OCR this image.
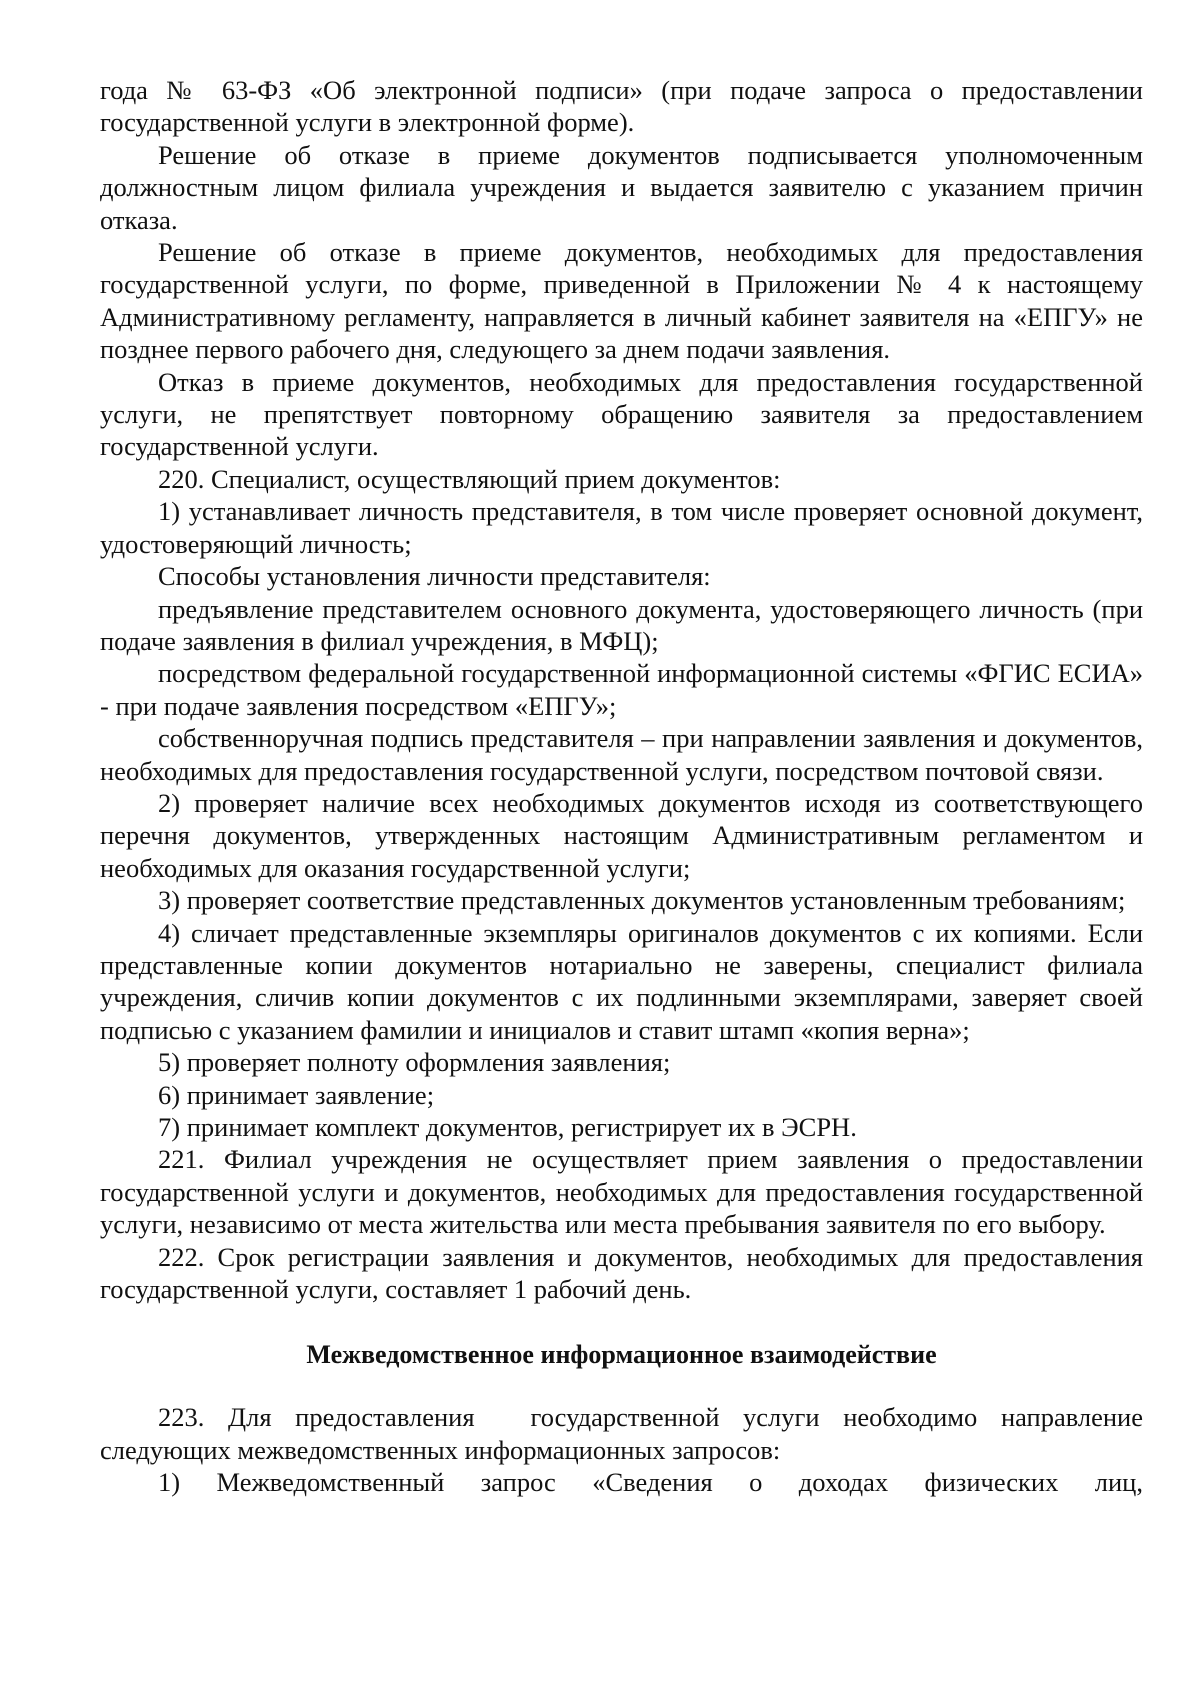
года № 63-ФЗ «Об электронной подписи» (при подаче запроса о предоставлении государственной услуги в электронной форме).

Решение об отказе в приеме документов подписывается уполномоченным должностным лицом филиала учреждения и выдается заявителю с указанием причин отказа.

Решение об отказе в приеме документов, необходимых для предоставления государственной услуги, по форме, приведенной в Приложении № 4 к настоящему Административному регламенту, направляется в личный кабинет заявителя на «ЕПГУ» не позднее первого рабочего дня, следующего за днем подачи заявления.

Отказ в приеме документов, необходимых для предоставления государственной услуги, не препятствует повторному обращению заявителя за предоставлением государственной услуги.

220. Специалист, осуществляющий прием документов:

1) устанавливает личность представителя, в том числе проверяет основной документ, удостоверяющий личность;

Способы установления личности представителя:

предъявление представителем основного документа, удостоверяющего личность (при подаче заявления в филиал учреждения, в МФЦ);

посредством федеральной государственной информационной системы «ФГИС ЕСИА» - при подаче заявления посредством «ЕПГУ»;

собственноручная подпись представителя – при направлении заявления и документов, необходимых для предоставления государственной услуги, посредством почтовой связи.

2) проверяет наличие всех необходимых документов исходя из соответствующего перечня документов, утвержденных настоящим Административным регламентом и необходимых для оказания государственной услуги;

3) проверяет соответствие представленных документов установленным требованиям;

4) сличает представленные экземпляры оригиналов документов с их копиями. Если представленные копии документов нотариально не заверены, специалист филиала учреждения, сличив копии документов с их подлинными экземплярами, заверяет своей подписью с указанием фамилии и инициалов и ставит штамп «копия верна»;

5) проверяет полноту оформления заявления;

6) принимает заявление;

7) принимает комплект документов, регистрирует их в ЭСРН.

221. Филиал учреждения не осуществляет прием заявления о предоставлении государственной услуги и документов, необходимых для предоставления государственной услуги, независимо от места жительства или места пребывания заявителя по его выбору.

222. Срок регистрации заявления и документов, необходимых для предоставления государственной услуги, составляет 1 рабочий день.

Межведомственное информационное взаимодействие

223. Для предоставления государственной услуги необходимо направление следующих межведомственных информационных запросов:

1) Межведомственный запрос «Сведения о доходах физических лиц,
